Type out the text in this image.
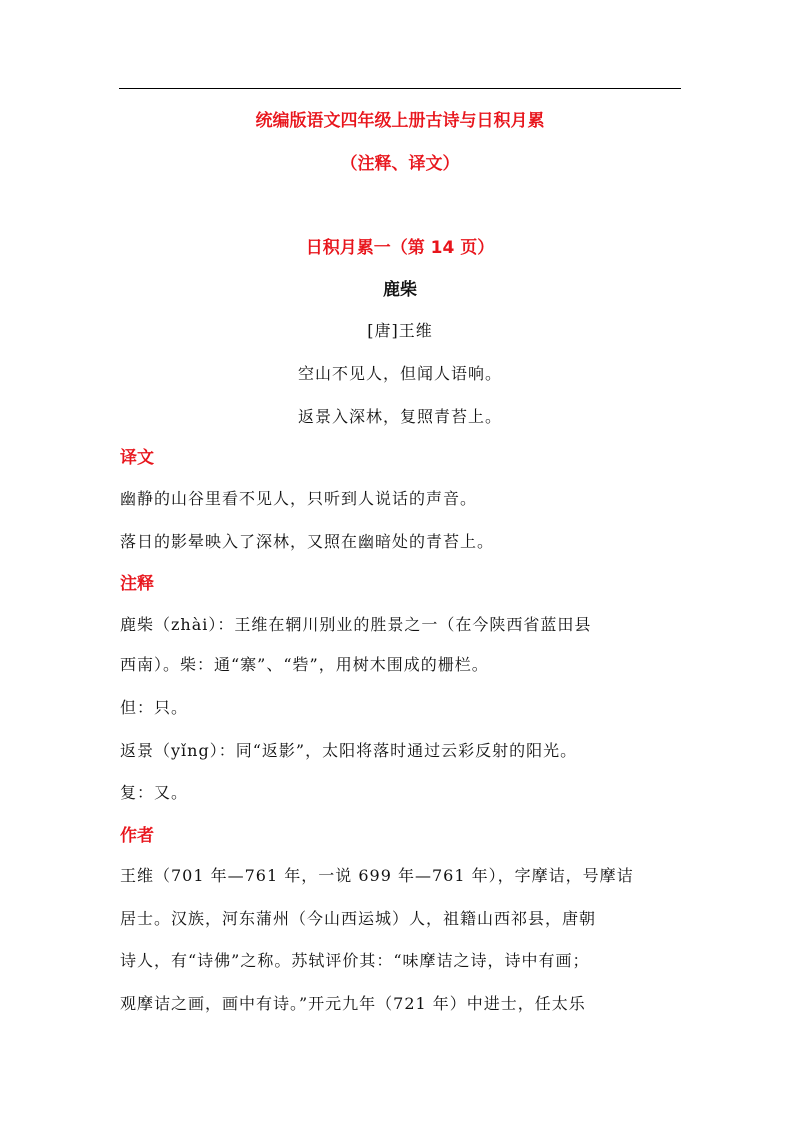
统编版语文四年级上册古诗与日积月累
（注释、译文）
日积月累一（第 14 页）
鹿柴
[唐]王维
空山不见人，但闻人语响。
返景入深林，复照青苔上。
译文
幽静的山谷里看不见人，只听到人说话的声音。
落日的影晕映入了深林，又照在幽暗处的青苔上。
注释
鹿柴（zhài）：王维在辋川别业的胜景之一（在今陕西省蓝田县
西南）。柴：通“寨”、“砦”，用树木围成的栅栏。
但：只。
返景（yǐng）：同“返影”，太阳将落时通过云彩反射的阳光。
复：又。
作者
王维（701 年—761 年，一说 699 年—761 年），字摩诘，号摩诘
居士。汉族，河东蒲州（今山西运城）人，祖籍山西祁县，唐朝
诗人，有“诗佛”之称。苏轼评价其：“味摩诘之诗，诗中有画；
观摩诘之画，画中有诗。”开元九年（721 年）中进士，任太乐
